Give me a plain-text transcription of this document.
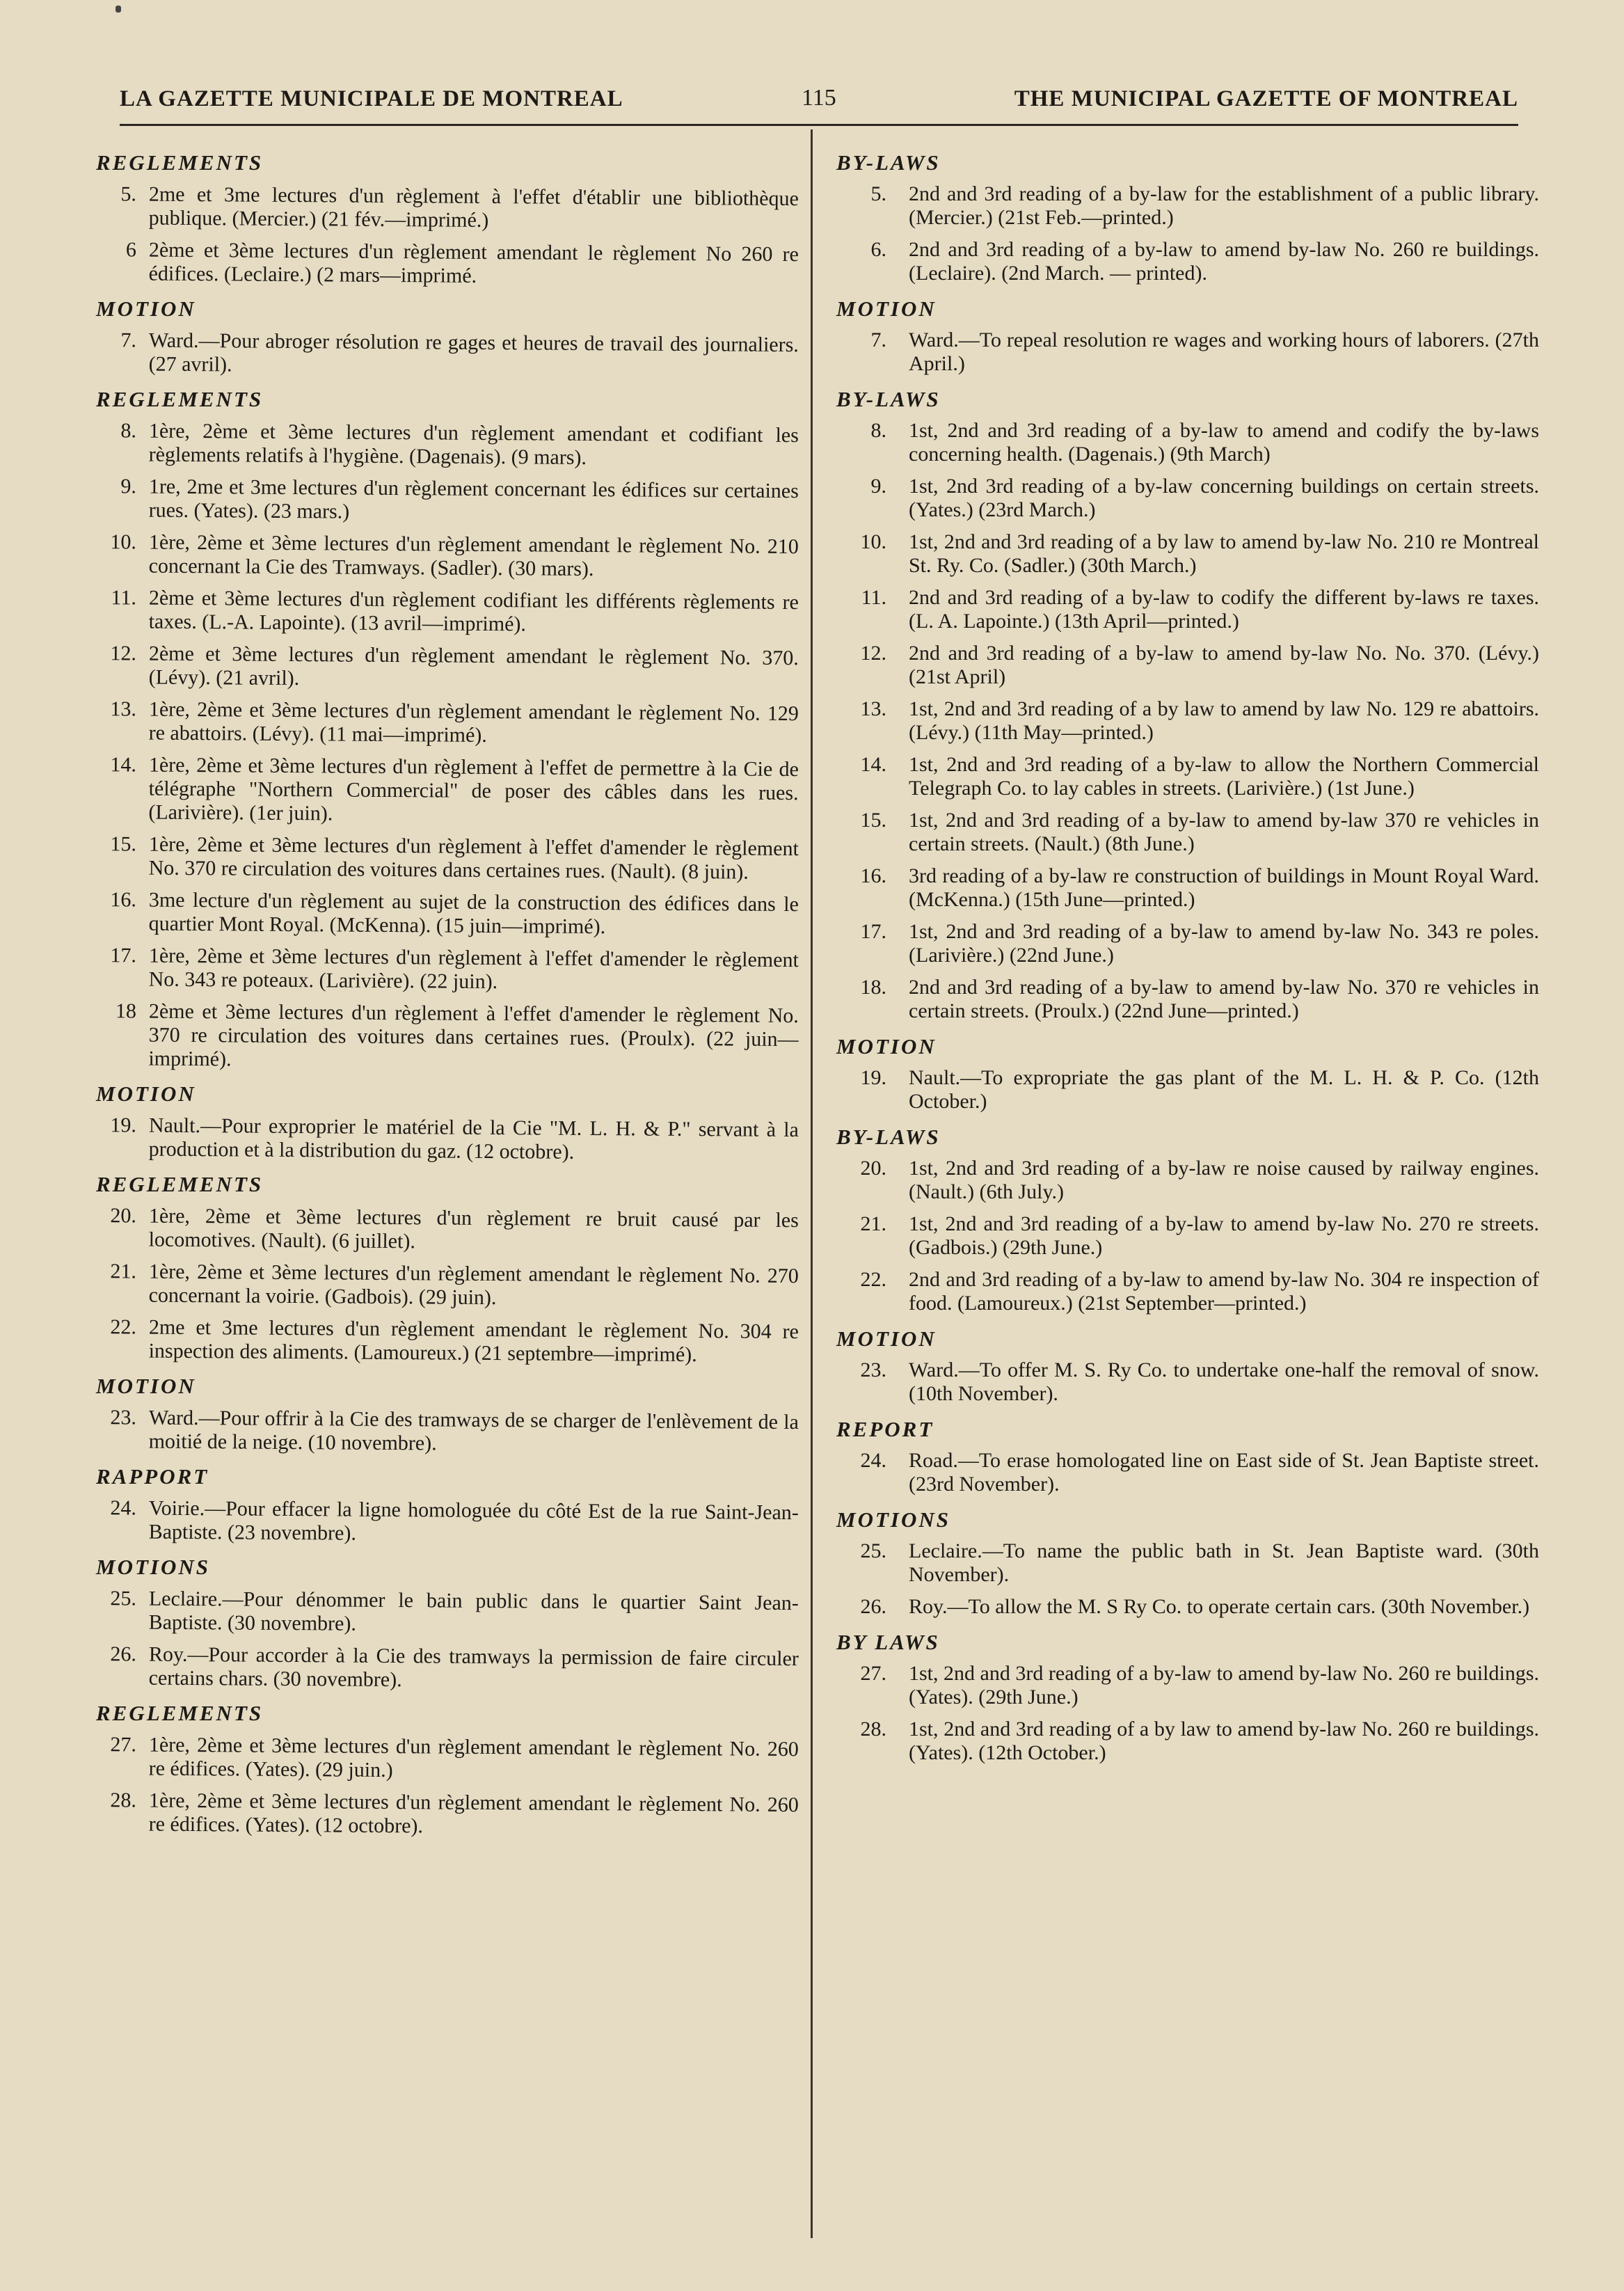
LA GAZETTE MUNICIPALE DE MONTREAL	115	THE MUNICIPAL GAZETTE OF MONTREAL
REGLEMENTS
5. 2me et 3me lectures d'un règlement à l'effet d'établir une bibliothèque publique. (Mercier.) (21 fév.—imprimé.)
6 2ème et 3ème lectures d'un règlement amendant le règlement No 260 re édifices. (Leclaire.) (2 mars—imprimé.
MOTION
7. Ward.—Pour abroger résolution re gages et heures de travail des journaliers. (27 avril).
REGLEMENTS
8. 1ère, 2ème et 3ème lectures d'un règlement amendant et codifiant les règlements relatifs à l'hygiène. (Dagenais). (9 mars).
9. 1re, 2me et 3me lectures d'un règlement concernant les édifices sur certaines rues. (Yates). (23 mars.)
10. 1ère, 2ème et 3ème lectures d'un règlement amendant le règlement No. 210 concernant la Cie des Tramways. (Sadler). (30 mars).
11. 2ème et 3ème lectures d'un règlement codifiant les différents règlements re taxes. (L.-A. Lapointe). (13 avril—imprimé).
12. 2ème et 3ème lectures d'un règlement amendant le règlement No. 370. (Lévy). (21 avril).
13. 1ère, 2ème et 3ème lectures d'un règlement amendant le règlement No. 129 re abattoirs. (Lévy). (11 mai—imprimé).
14. 1ère, 2ème et 3ème lectures d'un règlement à l'effet de permettre à la Cie de télégraphe "Northern Commercial" de poser des câbles dans les rues. (Larivière). (1er juin).
15. 1ère, 2ème et 3ème lectures d'un règlement à l'effet d'amender le règlement No. 370 re circulation des voitures dans certaines rues. (Nault). (8 juin).
16. 3me lecture d'un règlement au sujet de la construction des édifices dans le quartier Mont Royal. (McKenna). (15 juin—imprimé).
17. 1ère, 2ème et 3ème lectures d'un règlement à l'effet d'amender le règlement No. 343 re poteaux. (Larivière). (22 juin).
18 2ème et 3ème lectures d'un règlement à l'effet d'amender le règlement No. 370 re circulation des voitures dans certaines rues. (Proulx). (22 juin—imprimé).
MOTION
19. Nault.—Pour exproprier le matériel de la Cie "M. L. H. & P." servant à la production et à la distribution du gaz. (12 octobre).
REGLEMENTS
20. 1ère, 2ème et 3ème lectures d'un règlement re bruit causé par les locomotives. (Nault). (6 juillet).
21. 1ère, 2ème et 3ème lectures d'un règlement amendant le règlement No. 270 concernant la voirie. (Gadbois). (29 juin).
22. 2me et 3me lectures d'un règlement amendant le règlement No. 304 re inspection des aliments. (Lamoureux.) (21 septembre—imprimé).
MOTION
23. Ward.—Pour offrir à la Cie des tramways de se charger de l'enlèvement de la moitié de la neige. (10 novembre).
RAPPORT
24. Voirie.—Pour effacer la ligne homologuée du côté Est de la rue Saint-Jean-Baptiste. (23 novembre).
MOTIONS
25. Leclaire.—Pour dénommer le bain public dans le quartier Saint Jean-Baptiste. (30 novembre).
26. Roy.—Pour accorder à la Cie des tramways la permission de faire circuler certains chars. (30 novembre).
REGLEMENTS
27. 1ère, 2ème et 3ème lectures d'un règlement amendant le règlement No. 260 re édifices. (Yates). (29 juin.)
28. 1ère, 2ème et 3ème lectures d'un règlement amendant le règlement No. 260 re édifices. (Yates). (12 octobre).
BY-LAWS
5.	2nd and 3rd reading of a by-law for the establishment of a public library. (Mercier.) (21st Feb.—printed.)
6.	2nd and 3rd reading of a by-law to amend by-law No. 260 re buildings. (Leclaire). (2nd March. — printed).
MOTION
7.	Ward.—To repeal resolution re wages and working hours of laborers. (27th April.)
BY-LAWS
8.	1st, 2nd and 3rd reading of a by-law to amend and codify the by-laws concerning health. (Dagenais.) (9th March)
9.	1st, 2nd 3rd reading of a by-law concerning buildings on certain streets. (Yates.) (23rd March.)
10.	1st, 2nd and 3rd reading of a by law to amend by-law No. 210 re Montreal St. Ry. Co. (Sadler.) (30th March.)
11.	2nd and 3rd reading of a by-law to codify the different by-laws re taxes. (L. A. Lapointe.) (13th April—printed.)
12.	2nd and 3rd reading of a by-law to amend by-law No. No. 370. (Lévy.) (21st April)
13.	1st, 2nd and 3rd reading of a by law to amend by law No. 129 re abattoirs. (Lévy.) (11th May—printed.)
14.	1st, 2nd and 3rd reading of a by-law to allow the Northern Commercial Telegraph Co. to lay cables in streets. (Larivière.) (1st June.)
15.	1st, 2nd and 3rd reading of a by-law to amend by-law 370 re vehicles in certain streets. (Nault.) (8th June.)
16.	3rd reading of a by-law re construction of buildings in Mount Royal Ward. (McKenna.) (15th June—printed.)
17.	1st, 2nd and 3rd reading of a by-law to amend by-law No. 343 re poles. (Larivière.) (22nd June.)
18.	2nd and 3rd reading of a by-law to amend by-law No. 370 re vehicles in certain streets. (Proulx.) (22nd June—printed.)
MOTION
19.	Nault.—To expropriate the gas plant of the M. L. H. & P. Co. (12th October.)
BY-LAWS
20.	1st, 2nd and 3rd reading of a by-law re noise caused by railway engines. (Nault.) (6th July.)
21.	1st, 2nd and 3rd reading of a by-law to amend by-law No. 270 re streets. (Gadbois.) (29th June.)
22.	2nd and 3rd reading of a by-law to amend by-law No. 304 re inspection of food. (Lamoureux.) (21st September—printed.)
MOTION
23.	Ward.—To offer M. S. Ry Co. to undertake one-half the removal of snow. (10th November).
REPORT
24.	Road.—To erase homologated line on East side of St. Jean Baptiste street. (23rd November).
MOTIONS
25.	Leclaire.—To name the public bath in St. Jean Baptiste ward. (30th November).
26.	Roy.—To allow the M. S Ry Co. to operate certain cars. (30th November.)
BY LAWS
27.	1st, 2nd and 3rd reading of a by-law to amend by-law No. 260 re buildings. (Yates). (29th June.)
28.	1st, 2nd and 3rd reading of a by law to amend by-law No. 260 re buildings. (Yates). (12th October.)
